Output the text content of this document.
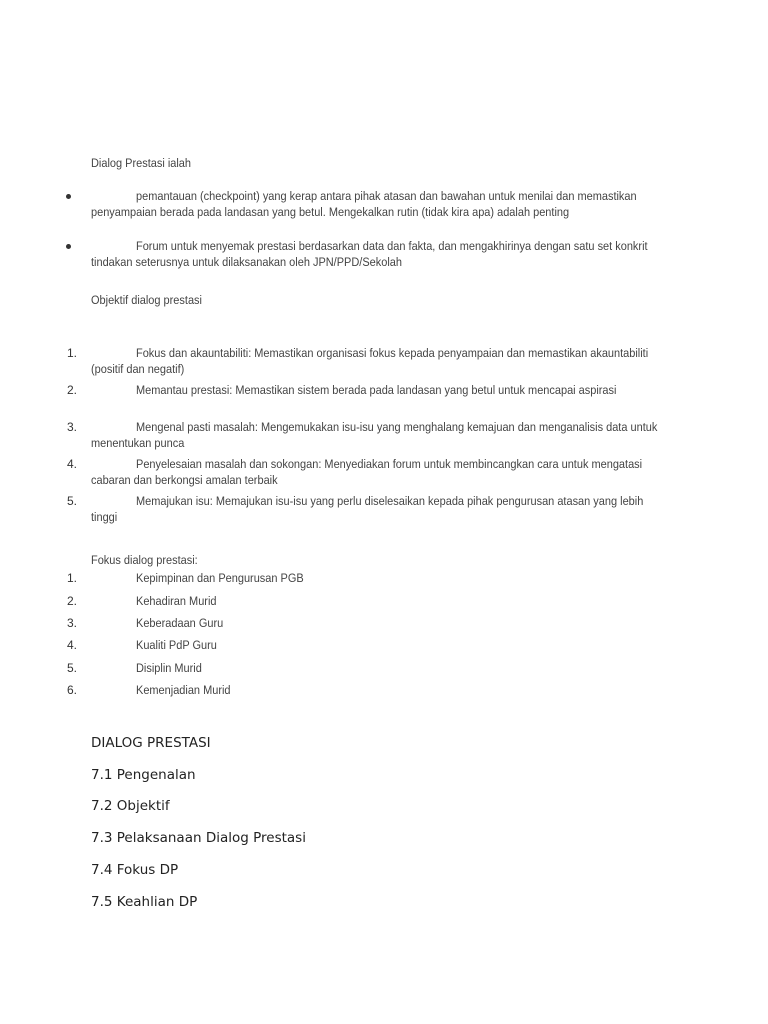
Dialog Prestasi ialah
pemantauan (checkpoint) yang kerap antara pihak atasan dan bawahan untuk menilai dan memastikan penyampaian berada pada landasan yang betul. Mengekalkan rutin (tidak kira apa) adalah penting
Forum untuk menyemak prestasi berdasarkan data dan fakta, dan mengakhirinya dengan satu set konkrit tindakan seterusnya untuk dilaksanakan oleh JPN/PPD/Sekolah
Objektif dialog prestasi
1.	Fokus dan akauntabiliti: Memastikan organisasi fokus kepada penyampaian dan memastikan akauntabiliti (positif dan negatif)
2.	Memantau prestasi: Memastikan sistem berada pada landasan yang betul untuk mencapai aspirasi
3.	Mengenal pasti masalah: Mengemukakan isu-isu yang menghalang kemajuan dan menganalisis data untuk menentukan punca
4.	Penyelesaian masalah dan sokongan: Menyediakan forum untuk membincangkan cara untuk mengatasi cabaran dan berkongsi amalan terbaik
5.	Memajukan isu: Memajukan isu-isu yang perlu diselesaikan kepada pihak pengurusan atasan yang lebih tinggi
Fokus dialog prestasi:
1.	Kepimpinan dan Pengurusan PGB
2.	Kehadiran Murid
3.	Keberadaan Guru
4.	Kualiti PdP Guru
5.	Disiplin Murid
6.	Kemenjadian Murid
DIALOG PRESTASI
7.1 Pengenalan
7.2 Objektif
7.3 Pelaksanaan Dialog Prestasi
7.4 Fokus DP
7.5 Keahlian DP
